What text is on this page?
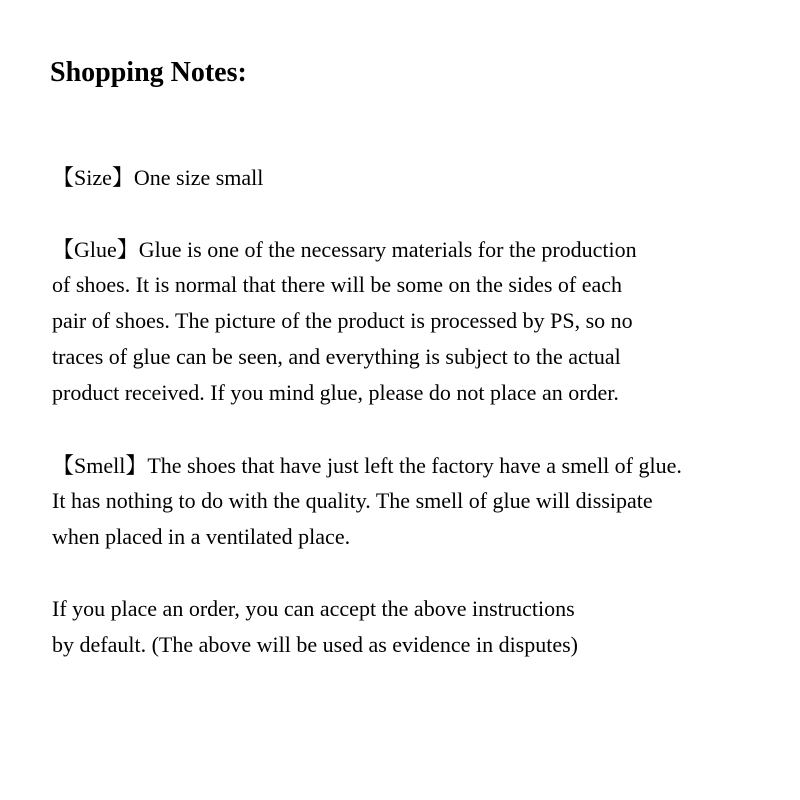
Shopping Notes:

【Size】One size small

【Glue】Glue is one of the necessary materials for the production

of shoes. It is normal that there will be some on the sides of each

pair of shoes. The picture of the product is processed by PS, so no

traces of glue can be seen, and everything is subject to the actual

product received. If you mind glue, please do not place an order.

【Smell】The shoes that have just left the factory have a smell of glue.

It has nothing to do with the quality. The smell of glue will dissipate

when placed in a ventilated place.

If you place an order, you can accept the above instructions

by default. (The above will be used as evidence in disputes)
